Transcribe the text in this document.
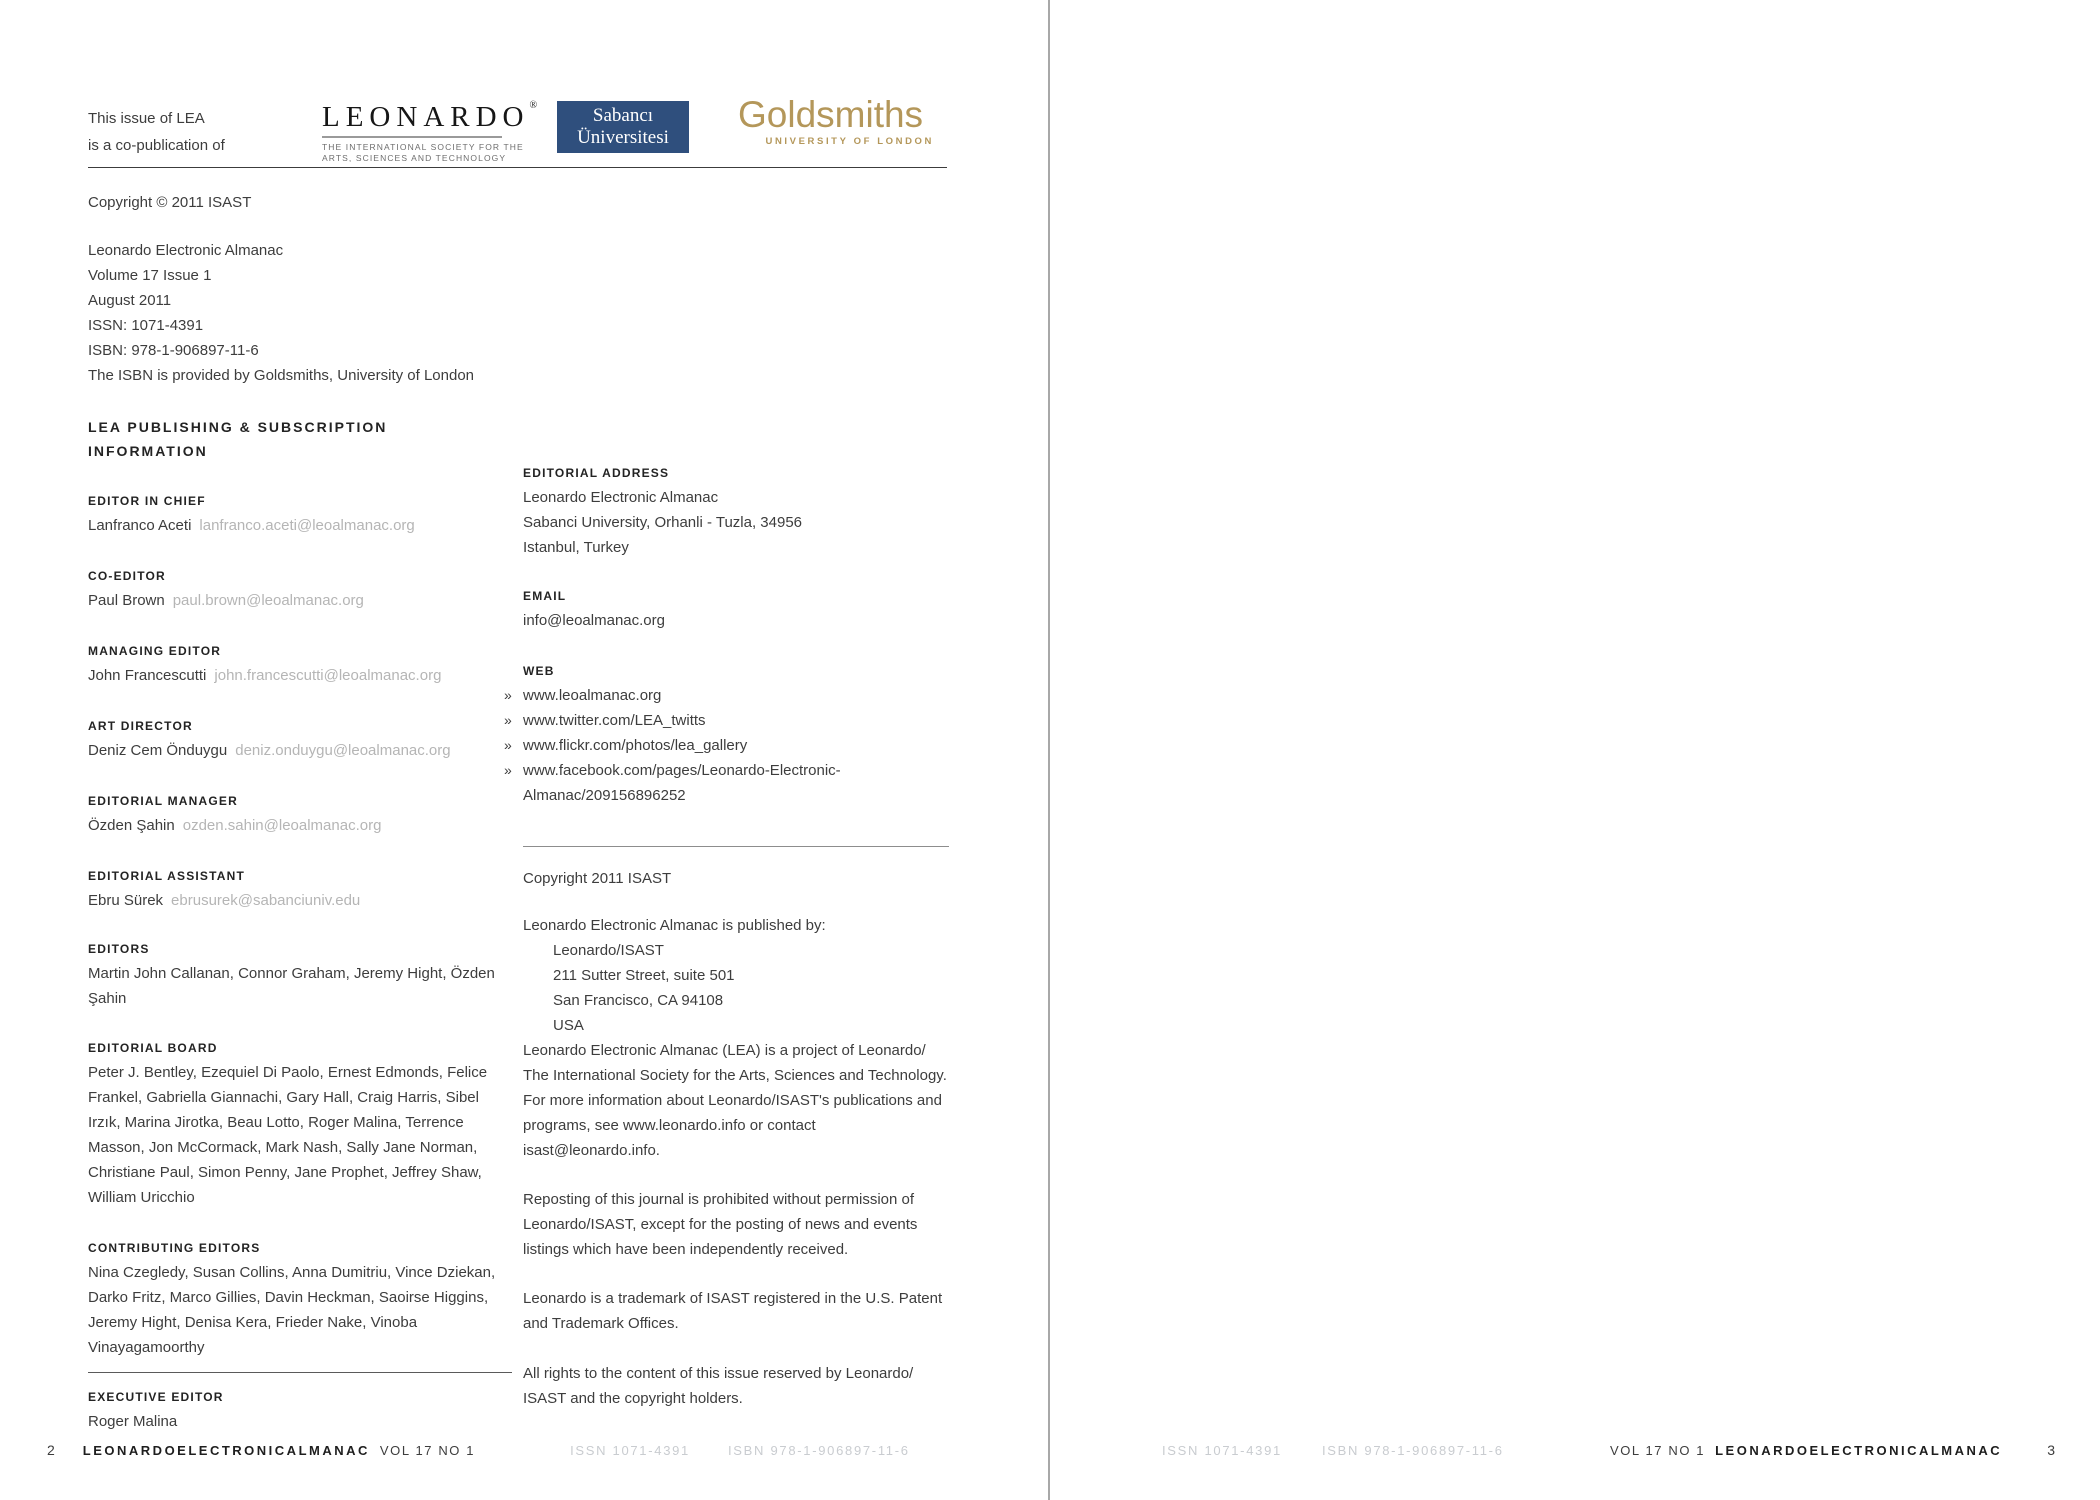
This issue of LEA
is a co-publication of
LEONARDO®
THE INTERNATIONAL SOCIETY FOR THE
ARTS, SCIENCES AND TECHNOLOGY
Sabancı
Üniversitesi
Goldsmiths
UNIVERSITY OF LONDON

Copyright © 2011 ISAST

Leonardo Electronic Almanac
Volume 17 Issue 1
August 2011
ISSN: 1071-4391
ISBN: 978-1-906897-11-6
The ISBN is provided by Goldsmiths, University of London
LEA PUBLISHING & SUBSCRIPTION INFORMATION
EDITOR IN CHIEF
Lanfranco Aceti lanfranco.aceti@leoalmanac.org
CO-EDITOR
Paul Brown paul.brown@leoalmanac.org
MANAGING EDITOR
John Francescutti john.francescutti@leoalmanac.org
ART DIRECTOR
Deniz Cem Önduygu deniz.onduygu@leoalmanac.org
EDITORIAL MANAGER
Özden Şahin ozden.sahin@leoalmanac.org
EDITORIAL ASSISTANT
Ebru Sürek ebrusurek@sabanciuniv.edu
EDITORS
Martin John Callanan, Connor Graham, Jeremy Hight, Özden Şahin
EDITORIAL BOARD
Peter J. Bentley, Ezequiel Di Paolo, Ernest Edmonds, Felice Frankel, Gabriella Giannachi, Gary Hall, Craig Harris, Sibel Irzık, Marina Jirotka, Beau Lotto, Roger Malina, Terrence Masson, Jon McCormack, Mark Nash, Sally Jane Norman, Christiane Paul, Simon Penny, Jane Prophet, Jeffrey Shaw, William Uricchio
CONTRIBUTING EDITORS
Nina Czegledy, Susan Collins, Anna Dumitriu, Vince Dziekan, Darko Fritz, Marco Gillies, Davin Heckman, Saoirse Higgins, Jeremy Hight, Denisa Kera, Frieder Nake, Vinoba Vinayagamoorthy
EXECUTIVE EDITOR
Roger Malina
EDITORIAL ADDRESS
Leonardo Electronic Almanac
Sabanci University, Orhanli - Tuzla, 34956
Istanbul, Turkey
EMAIL
info@leoalmanac.org
WEB
» www.leoalmanac.org
» www.twitter.com/LEA_twitts
» www.flickr.com/photos/lea_gallery
» www.facebook.com/pages/Leonardo-Electronic-Almanac/209156896252
Copyright 2011 ISAST
Leonardo Electronic Almanac is published by:
Leonardo/ISAST
211 Sutter Street, suite 501
San Francisco, CA 94108
USA

Leonardo Electronic Almanac (LEA) is a project of Leonardo/ The International Society for the Arts, Sciences and Technology. For more information about Leonardo/ISAST's publications and programs, see www.leonardo.info or contact isast@leonardo.info.

Reposting of this journal is prohibited without permission of Leonardo/ISAST, except for the posting of news and events listings which have been independently received.

Leonardo is a trademark of ISAST registered in the U.S. Patent and Trademark Offices.

All rights to the content of this issue reserved by Leonardo/ ISAST and the copyright holders.

2 LEONARDOELECTRONICALMANAC VOL 17 NO 1	ISSN 1071-4391	ISBN 978-1-906897-11-6	ISSN 1071-4391	ISBN 978-1-906897-11-6	VOL 17 NO 1 LEONARDOELECTRONICALMANAC	3
